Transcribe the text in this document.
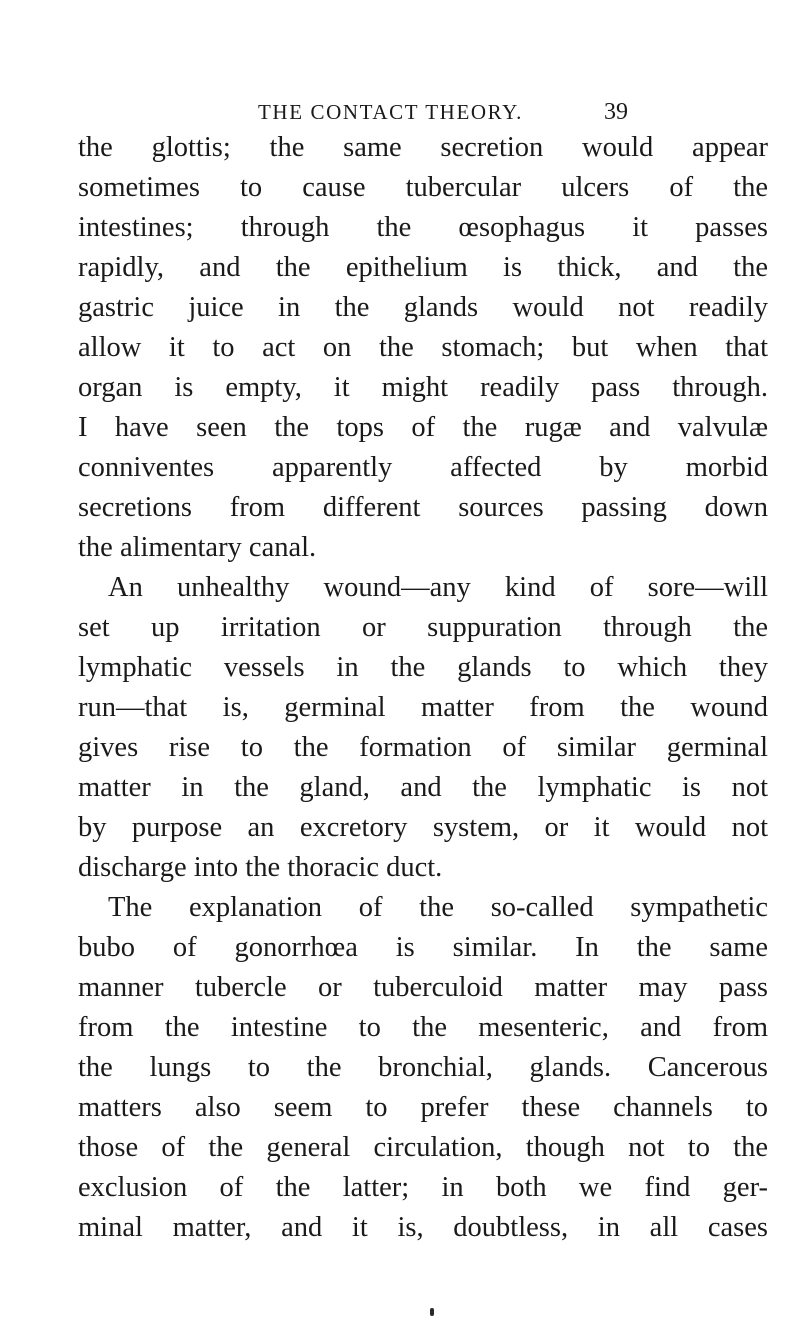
THE CONTACT THEORY.	39
the glottis; the same secretion would appear
sometimes to cause tubercular ulcers of the
intestines; through the œsophagus it passes
rapidly, and the epithelium is thick, and the
gastric juice in the glands would not readily
allow it to act on the stomach; but when that
organ is empty, it might readily pass through.
I have seen the tops of the rugæ and valvulæ
conniventes apparently affected by morbid
secretions from different sources passing down
the alimentary canal.
An unhealthy wound—any kind of sore—will
set up irritation or suppuration through the
lymphatic vessels in the glands to which they
run—that is, germinal matter from the wound
gives rise to the formation of similar germinal
matter in the gland, and the lymphatic is not
by purpose an excretory system, or it would not
discharge into the thoracic duct.
The explanation of the so-called sympathetic
bubo of gonorrhœa is similar. In the same
manner tubercle or tuberculoid matter may pass
from the intestine to the mesenteric, and from
the lungs to the bronchial, glands. Cancerous
matters also seem to prefer these channels to
those of the general circulation, though not to the
exclusion of the latter; in both we find ger-
minal matter, and it is, doubtless, in all cases
